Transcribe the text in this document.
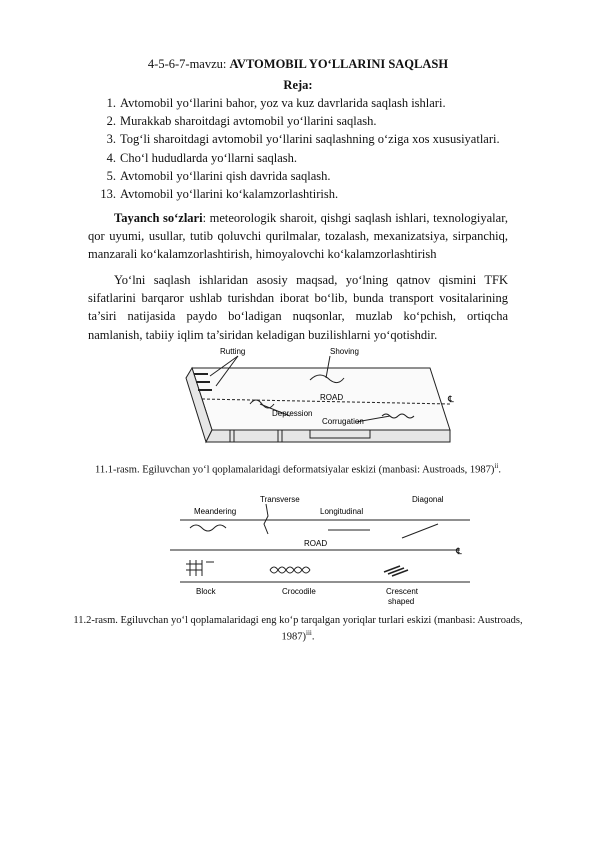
4-5-6-7-mavzu: AVTOMOBIL YO‘LLARINI SAQLASH
Reja:
1. Avtomobil yo‘llarini bahor, yoz va kuz davrlarida saqlash ishlari.
2. Murakkab sharoitdagi avtomobil yo‘llarini saqlash.
3. Tog‘li sharoitdagi avtomobil yo‘llarini saqlashning o‘ziga xos xususiyatlari.
4. Cho‘l hududlarda yo‘llarni saqlash.
5. Avtomobil yo‘llarini qish davrida saqlash.
13. Avtomobil yo‘llarini ko‘kalamzorlashtirish.

Tayanch so‘zlari: meteorologik sharoit, qishgi saqlash ishlari, texnologiyalar, qor uyumi, usullar, tutib qoluvchi qurilmalar, tozalash, mexanizatsiya, sirpanchiq, manzarali ko‘kalamzorlashtirish, himoyalovchi ko‘kalamzorlashtirish

Yo‘lni saqlash ishlaridan asosiy maqsad, yo‘lning qatnov qismini TFK sifatlarini barqaror ushlab turishdan iborat bo‘lib, bunda transport vositalarining ta’siri natijasida paydo bo‘ladigan nuqsonlar, muzlab ko‘pchish, ortiqcha namlanish, tabiiy iqlim ta’siridan keladigan buzilishlarni yo‘qotishdir.

Rutting	Shoving
ROAD
Depression
Corrugation
℄
11.1-rasm. Egiluvchan yo‘l qoplamalaridagi deformatsiyalar eskizi (manbasi: Austroads, 1987)$^{ii}$.
Transverse	Diagonal
Meandering	Longitudinal
ROAD
℄
Block	Crocodile	Crescent
shaped
11.2-rasm. Egiluvchan yo‘l qoplamalaridagi eng ko‘p tarqalgan yoriqlar turlari eskizi (manbasi: Austroads, 1987)$^{iii}$.
